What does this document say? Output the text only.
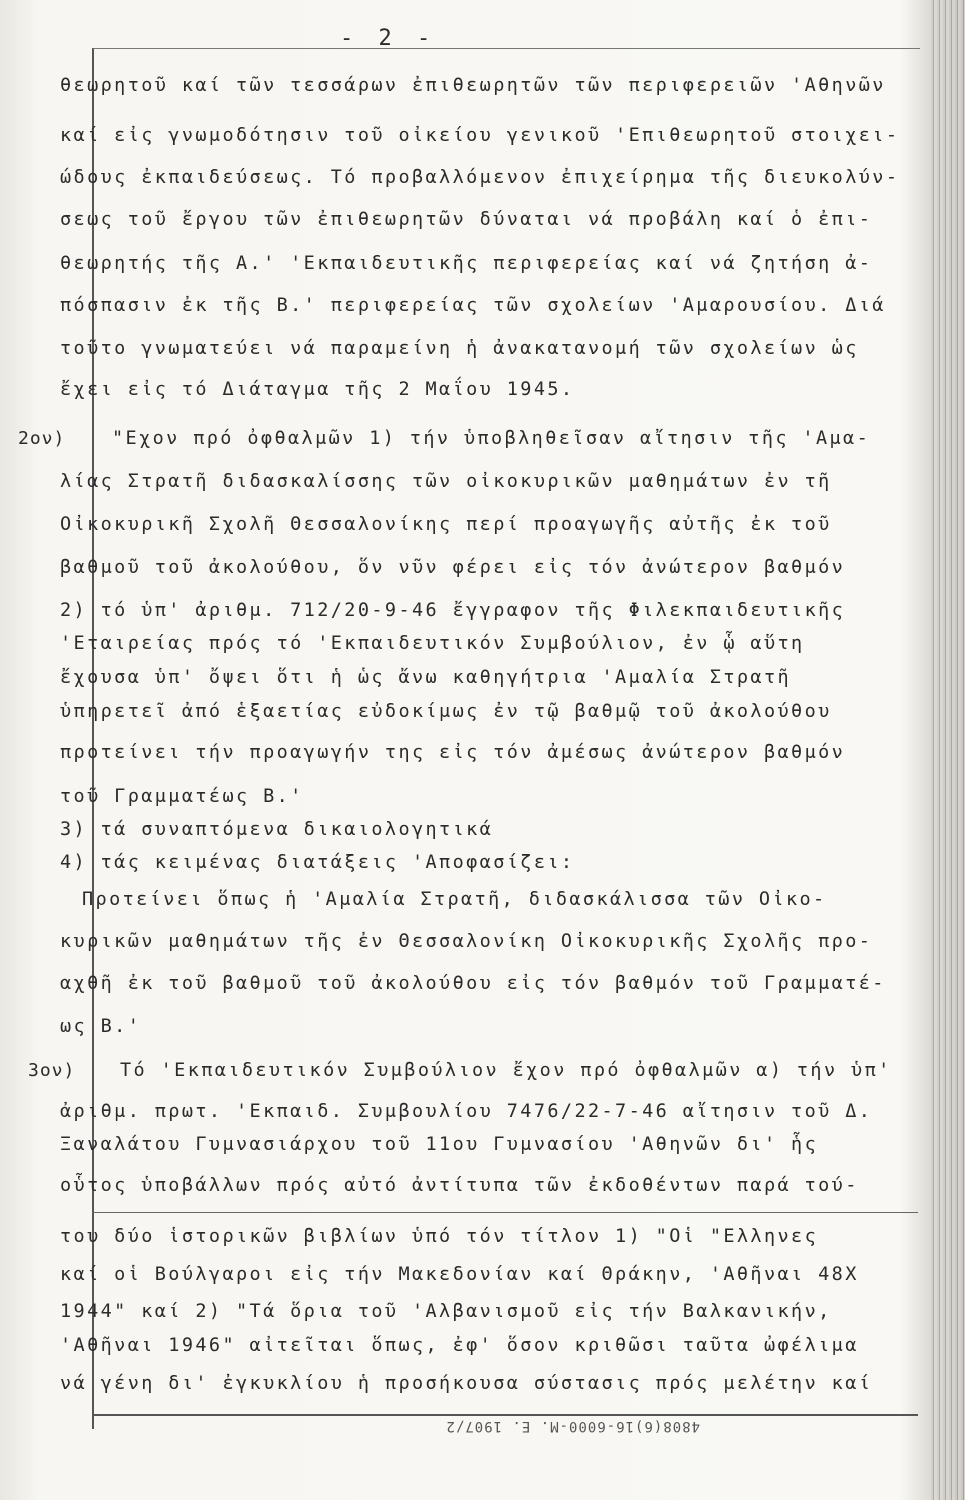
- 2 -
θεωρητοῦ καί τῶν τεσσάρων ἐπιθεωρητῶν τῶν περιφερειῶν 'Αθηνῶν
καί εἰς γνωμοδότησιν τοῦ οἰκείου γενικοῦ 'Επιθεωρητοῦ στοιχει-
ώδους ἐκπαιδεύσεως. Τό προβαλλόμενον ἐπιχείρημα τῆς διευκολύν-
σεως τοῦ ἔργου τῶν ἐπιθεωρητῶν δύναται νά προβάλη καί ὁ ἐπι-
θεωρητής τῆς Α.' 'Εκπαιδευτικῆς περιφερείας καί νά ζητήση ἀ-
πόσπασιν ἐκ τῆς Β.' περιφερείας τῶν σχολείων 'Αμαρουσίου. Διά
τοῦτο γνωματεύει νά παραμείνη ἡ ἀνακατανομή τῶν σχολείων ὡς
ἔχει εἰς τό Διάταγμα τῆς 2 Μαΐου 1945.
2ον)	"Εχον πρό ὀφθαλμῶν 1) τήν ὑποβληθεῖσαν αἴτησιν τῆς 'Αμα-
λίας Στρατῆ διδασκαλίσσης τῶν οἰκοκυρικῶν μαθημάτων ἐν τῆ
Οἰκοκυρικῆ Σχολῆ Θεσσαλονίκης περί προαγωγῆς αὐτῆς ἐκ τοῦ
βαθμοῦ τοῦ ἀκολούθου, ὅν νῦν φέρει εἰς τόν ἀνώτερον βαθμόν
2) τό ὑπ' ἀριθμ. 712/20-9-46 ἔγγραφον τῆς Φιλεκπαιδευτικῆς
'Εταιρείας πρός τό 'Εκπαιδευτικόν Συμβούλιον, ἐν ᾧ αὕτη
ἔχουσα ὑπ' ὄψει ὅτι ἡ ὡς ἄνω καθηγήτρια 'Αμαλία Στρατῆ
ὑπηρετεῖ ἀπό ἑξαετίας εὐδοκίμως ἐν τῷ βαθμῷ τοῦ ἀκολούθου
προτείνει τήν προαγωγήν της εἰς τόν ἀμέσως ἀνώτερον βαθμόν
τοῦ Γραμματέως Β.'
3) τά συναπτόμενα δικαιολογητικά
4) τάς κειμένας διατάξεις 'Αποφασίζει:
Προτείνει ὅπως ἡ 'Αμαλία Στρατῆ, διδασκάλισσα τῶν Οἰκο-
κυρικῶν μαθημάτων τῆς ἐν Θεσσαλονίκη Οἰκοκυρικῆς Σχολῆς προ-
αχθῆ ἐκ τοῦ βαθμοῦ τοῦ ἀκολούθου εἰς τόν βαθμόν τοῦ Γραμματέ-
ως Β.'
3ον) Τό 'Εκπαιδευτικόν Συμβούλιον ἔχον πρό ὀφθαλμῶν α) τήν ὑπ'
ἀριθμ. πρωτ. 'Εκπαιδ. Συμβουλίου 7476/22-7-46 αἴτησιν τοῦ Δ.
Ξαναλάτου Γυμνασιάρχου τοῦ 11ου Γυμνασίου 'Αθηνῶν δι' ἧς
οὗτος ὑποβάλλων πρός αὐτό ἀντίτυπα τῶν ἐκδοθέντων παρά τού-
του δύο ἱστορικῶν βιβλίων ὑπό τόν τίτλον 1) "Οἱ "Ελληνες
καί οἱ Βούλγαροι εἰς τήν Μακεδονίαν καί Θράκην, 'Αθῆναι 48Χ
1944" καί 2) "Τά ὅρια τοῦ 'Αλβανισμοῦ εἰς τήν Βαλκανικήν,
'Αθῆναι 1946" αἰτεῖται ὅπως, ἐφ' ὅσον κριθῶσι ταῦτα ὠφέλιμα
νά γένη δι' ἐγκυκλίου ἡ προσήκουσα σύστασις πρός μελέτην καί
4808(6)16-6000-Μ. Ε. 1907/2
